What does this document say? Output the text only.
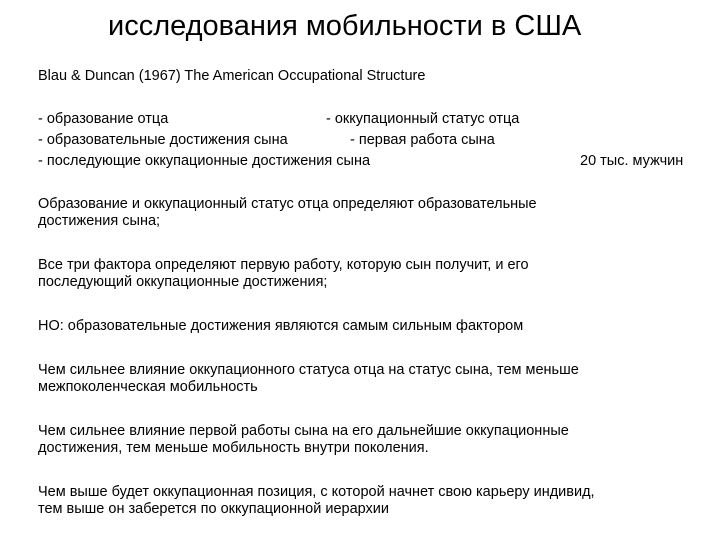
исследования мобильности в США
Blau & Duncan (1967) The American Occupational Structure
- образование отца	- оккупационный статус отца
- образовательные достижения сына	- первая работа сына
- последующие оккупационные достижения сына	20 тыс. мужчин
Образование и оккупационный статус отца определяют образовательные
достижения сына;
Все три фактора определяют первую работу, которую сын получит, и его
последующий оккупационные достижения;
НО: образовательные достижения являются самым сильным фактором
Чем сильнее влияние оккупационного статуса отца на статус сына, тем меньше
межпоколенческая мобильность
Чем сильнее влияние первой работы сына на его дальнейшие оккупационные
достижения, тем меньше мобильность внутри поколения.
Чем выше будет оккупационная позиция, с которой начнет свою карьеру индивид,
тем выше он заберется по оккупационной иерархии
